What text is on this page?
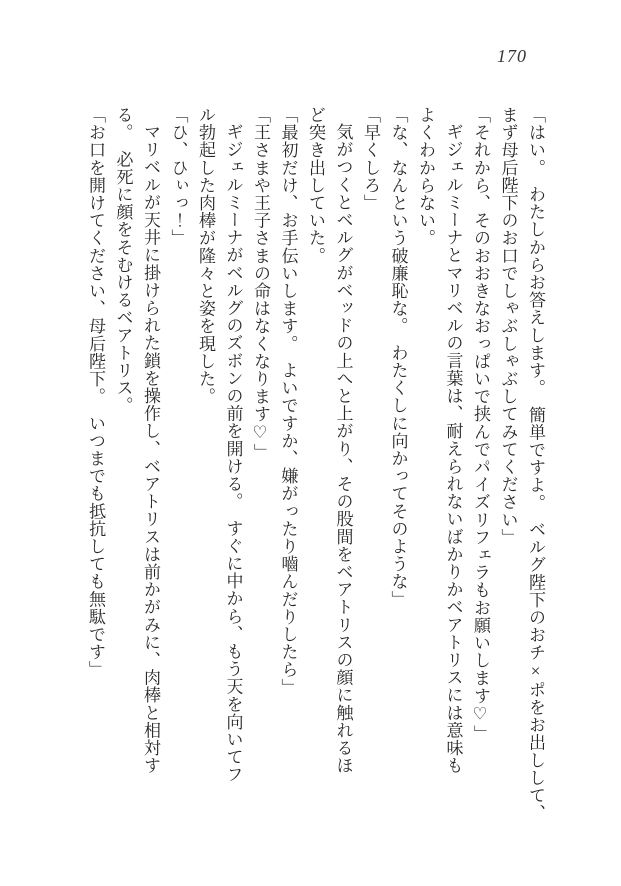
170

「はい。　わたしからお答えします。　簡単ですよ。　ベルグ陛下のおチ×ポをお出しして、

まず母后陛下のお口でしゃぶしゃぶしてみてください」

「それから、そのおおきなおっぱいで挟んでパイズリフェラもお願いします♡」

ギジェルミーナとマリベルの言葉は、耐えられないばかりかベアトリスには意味も

よくわからない。

「な、なんという破廉恥な。　わたくしに向かってそのような」

「早くしろ」

気がつくとベルグがベッドの上へと上がり、その股間をベアトリスの顔に触れるほ

ど突き出していた。

「最初だけ、お手伝いします。　よいですか、嫌がったり嚙んだりしたら」

「王さまや王子さまの命はなくなります♡」

ギジェルミーナがベルグのズボンの前を開ける。　すぐに中から、もう天を向いてフ

ル勃起した肉棒が隆々と姿を現した。

「ひ、ひぃっ！」

マリベルが天井に掛けられた鎖を操作し、ベアトリスは前かがみに、肉棒と相対す

る。　必死に顔をそむけるベアトリス。

「お口を開けてください、母后陛下。　いつまでも抵抗しても無駄です」
